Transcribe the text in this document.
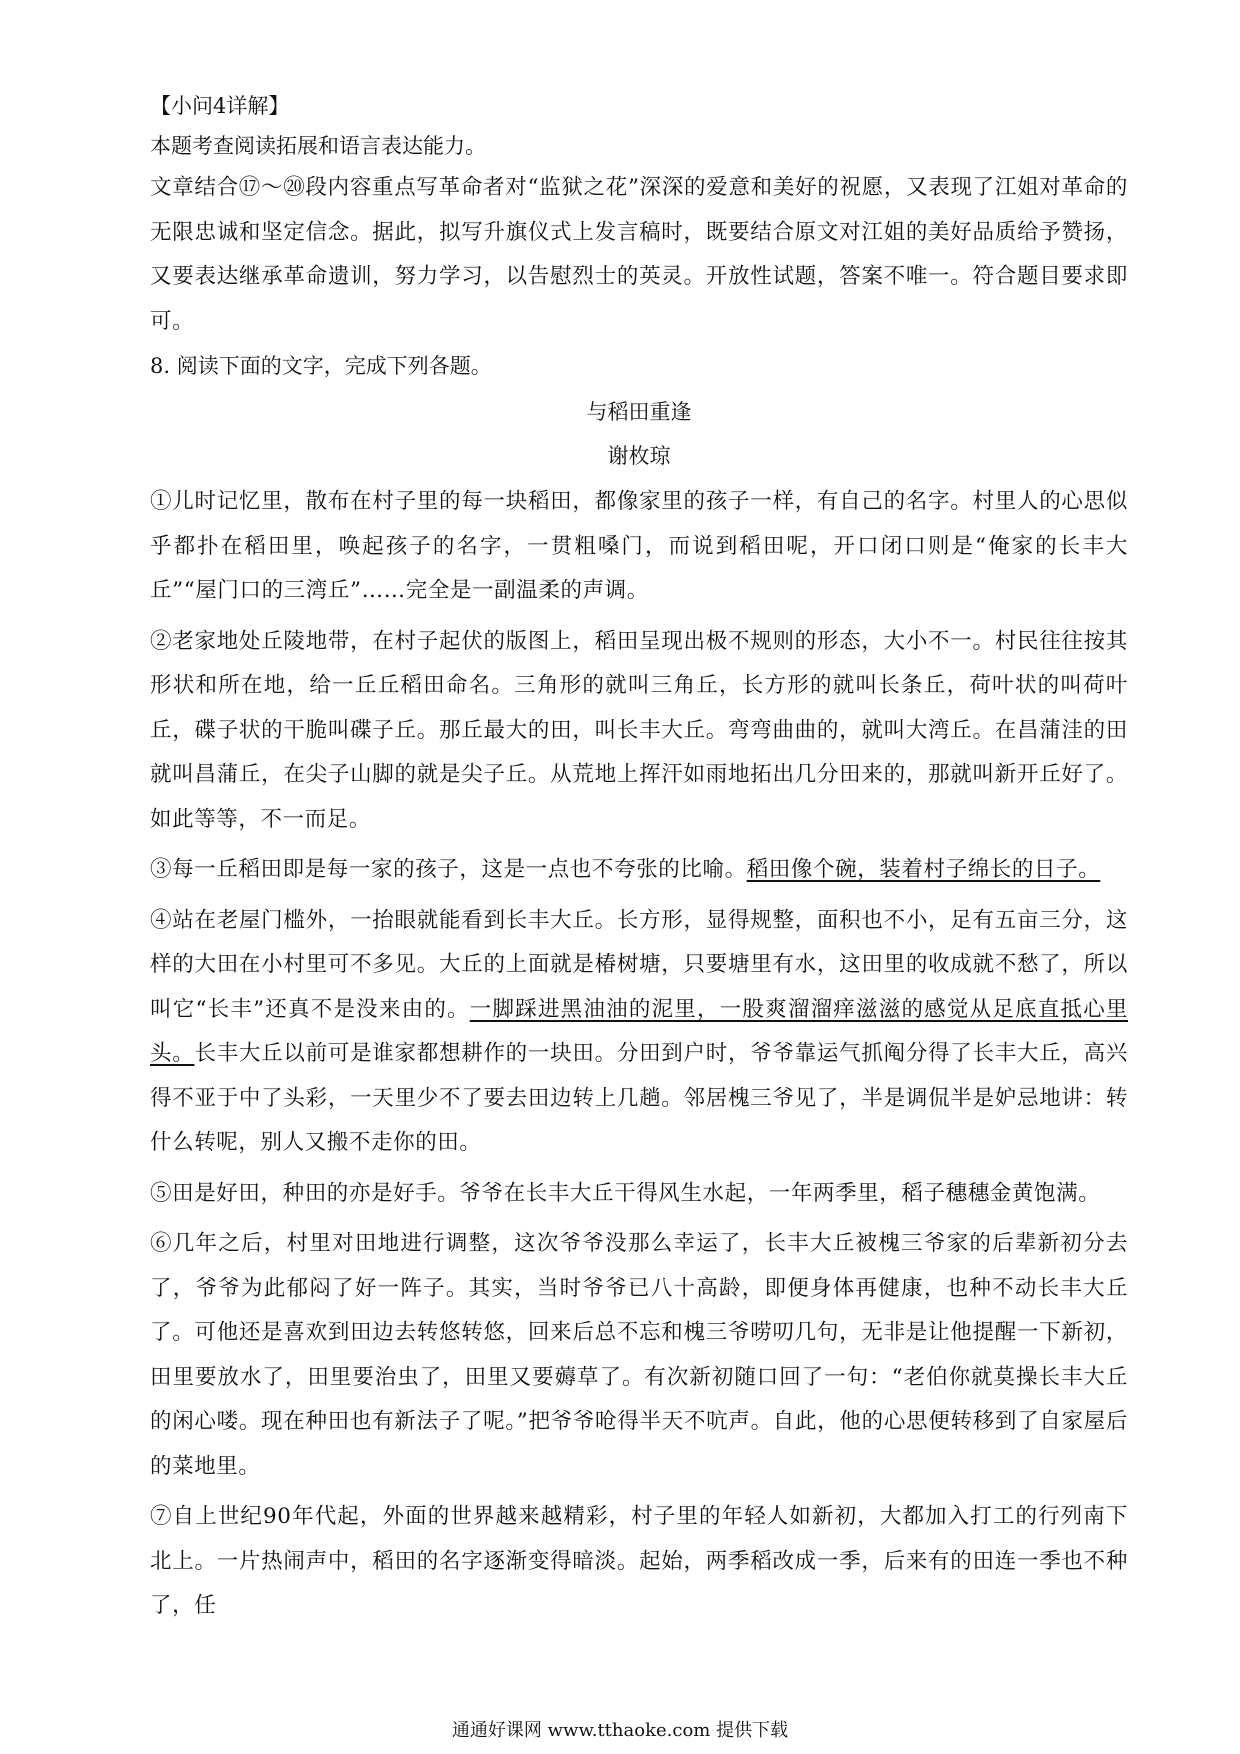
【小问4详解】

本题考查阅读拓展和语言表达能力。

文章结合⑰～⑳段内容重点写革命者对“监狱之花”深深的爱意和美好的祝愿，又表现了江姐对革命的无限忠诚和坚定信念。据此，拟写升旗仪式上发言稿时，既要结合原文对江姐的美好品质给予赞扬，又要表达继承革命遗训，努力学习，以告慰烈士的英灵。开放性试题，答案不唯一。符合题目要求即可。

8. 阅读下面的文字，完成下列各题。

与稻田重逢

谢枚琼

①儿时记忆里，散布在村子里的每一块稻田，都像家里的孩子一样，有自己的名字。村里人的心思似乎都扑在稻田里，唤起孩子的名字，一贯粗嗓门，而说到稻田呢，开口闭口则是“俺家的长丰大丘”“屋门口的三湾丘”……完全是一副温柔的声调。

②老家地处丘陵地带，在村子起伏的版图上，稻田呈现出极不规则的形态，大小不一。村民往往按其形状和所在地，给一丘丘稻田命名。三角形的就叫三角丘，长方形的就叫长条丘，荷叶状的叫荷叶丘，碟子状的干脆叫碟子丘。那丘最大的田，叫长丰大丘。弯弯曲曲的，就叫大湾丘。在昌蒲洼的田就叫昌蒲丘，在尖子山脚的就是尖子丘。从荒地上挥汗如雨地拓出几分田来的，那就叫新开丘好了。如此等等，不一而足。

③每一丘稻田即是每一家的孩子，这是一点也不夸张的比喻。稻田像个碗，装着村子绵长的日子。

④站在老屋门槛外，一抬眼就能看到长丰大丘。长方形，显得规整，面积也不小，足有五亩三分，这样的大田在小村里可不多见。大丘的上面就是椿树塘，只要塘里有水，这田里的收成就不愁了，所以叫它“长丰”还真不是没来由的。一脚踩进黑油油的泥里，一股爽溜溜痒滋滋的感觉从足底直抵心里头。长丰大丘以前可是谁家都想耕作的一块田。分田到户时，爷爷靠运气抓阄分得了长丰大丘，高兴得不亚于中了头彩，一天里少不了要去田边转上几趟。邻居槐三爷见了，半是调侃半是妒忌地讲：转什么转呢，别人又搬不走你的田。

⑤田是好田，种田的亦是好手。爷爷在长丰大丘干得风生水起，一年两季里，稻子穗穗金黄饱满。

⑥几年之后，村里对田地进行调整，这次爷爷没那么幸运了，长丰大丘被槐三爷家的后辈新初分去了，爷爷为此郁闷了好一阵子。其实，当时爷爷已八十高龄，即便身体再健康，也种不动长丰大丘了。可他还是喜欢到田边去转悠转悠，回来后总不忘和槐三爷唠叨几句，无非是让他提醒一下新初，田里要放水了，田里要治虫了，田里又要薅草了。有次新初随口回了一句：“老伯你就莫操长丰大丘的闲心喽。现在种田也有新法子了呢。”把爷爷呛得半天不吭声。自此，他的心思便转移到了自家屋后的菜地里。

⑦自上世纪90年代起，外面的世界越来越精彩，村子里的年轻人如新初，大都加入打工的行列南下北上。一片热闹声中，稻田的名字逐渐变得暗淡。起始，两季稻改成一季，后来有的田连一季也不种了，任

通通好课网 www.tthaoke.com 提供下载
